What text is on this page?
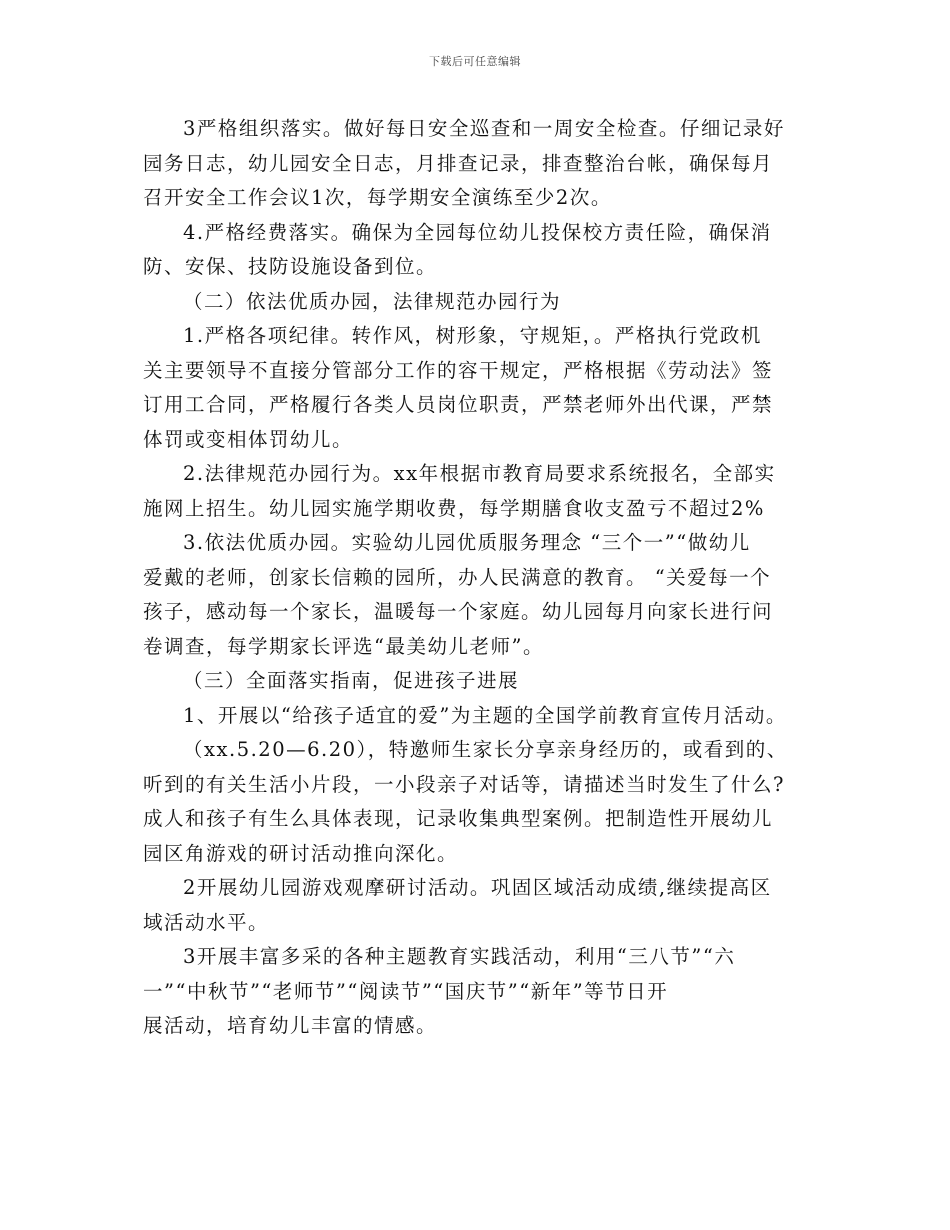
下载后可任意编辑

3严格组织落实。做好每日安全巡查和一周安全检查。仔细记录好
园务日志，幼儿园安全日志，月排查记录，排查整治台帐，确保每月
召开安全工作会议1次，每学期安全演练至少2次。

4.严格经费落实。确保为全园每位幼儿投保校方责任险，确保消
防、安保、技防设施设备到位。

（二）依法优质办园，法律规范办园行为

1.严格各项纪律。转作风，树形象，守规矩，。严格执行党政机
关主要领导不直接分管部分工作的容干规定，严格根据《劳动法》签
订用工合同，严格履行各类人员岗位职责，严禁老师外出代课，严禁
体罚或变相体罚幼儿。

2.法律规范办园行为。xx年根据市教育局要求系统报名，全部实
施网上招生。幼儿园实施学期收费，每学期膳食收支盈亏不超过2%

3.依法优质办园。实验幼儿园优质服务理念 “三个一”“做幼儿
爱戴的老师，创家长信赖的园所，办人民满意的教育。 “关爱每一个
孩子，感动每一个家长，温暖每一个家庭。幼儿园每月向家长进行问
卷调查，每学期家长评选“最美幼儿老师”。

（三）全面落实指南，促进孩子进展

1、开展以“给孩子适宜的爱”为主题的全国学前教育宣传月活动。

（xx.5.20—6.20），特邀师生家长分享亲身经历的，或看到的、
听到的有关生活小片段，一小段亲子对话等，请描述当时发生了什么?
成人和孩子有生么具体表现，记录收集典型案例。把制造性开展幼儿
园区角游戏的研讨活动推向深化。

2开展幼儿园游戏观摩研讨活动。巩固区域活动成绩,继续提高区
域活动水平。

3开展丰富多采的各种主题教育实践活动，利用“三八节”“六
一”“中秋节”“老师节”“阅读节”“国庆节”“新年”等节日开
展活动，培育幼儿丰富的情感。
